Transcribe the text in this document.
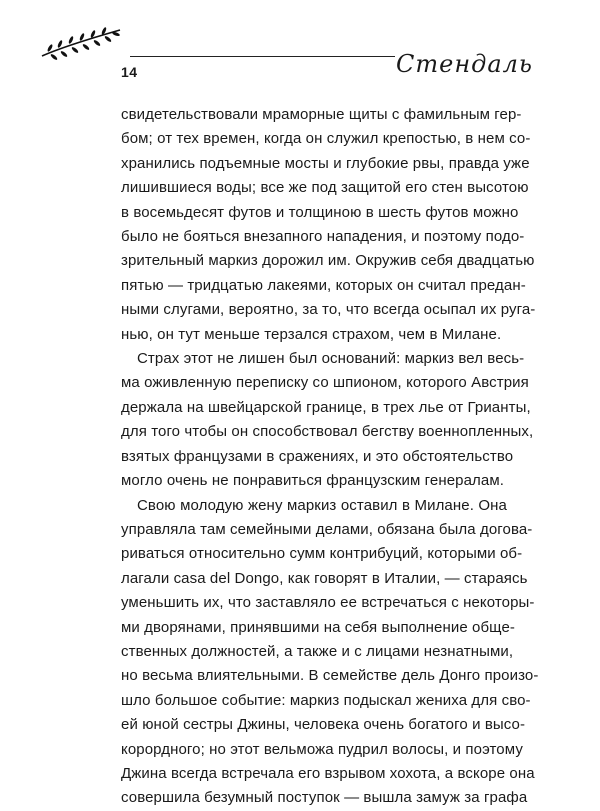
14	Стендаль
свидетельствовали мраморные щиты с фамильным гер-
бом; от тех времен, когда он служил крепостью, в нем со-
хранились подъемные мосты и глубокие рвы, правда уже
лишившиеся воды; все же под защитой его стен высотою
в восемьдесят футов и толщиною в шесть футов можно
было не бояться внезапного нападения, и поэтому подо-
зрительный маркиз дорожил им. Окружив себя двадцатью
пятью — тридцатью лакеями, которых он считал предан-
ными слугами, вероятно, за то, что всегда осыпал их руга-
нью, он тут меньше терзался страхом, чем в Милане.
Страх этот не лишен был оснований: маркиз вел весь-
ма оживленную переписку со шпионом, которого Австрия
держала на швейцарской границе, в трех лье от Грианты,
для того чтобы он способствовал бегству военнопленных,
взятых французами в сражениях, и это обстоятельство
могло очень не понравиться французским генералам.
Свою молодую жену маркиз оставил в Милане. Она
управляла там семейными делами, обязана была догова-
риваться относительно сумм контрибуций, которыми об-
лагали casa del Dongo, как говорят в Италии, — стараясь
уменьшить их, что заставляло ее встречаться с некоторы-
ми дворянами, принявшими на себя выполнение обще-
ственных должностей, а также и с лицами незнатными,
но весьма влиятельными. В семействе дель Донго произо-
шло большое событие: маркиз подыскал жениха для сво-
ей юной сестры Джины, человека очень богатого и высо-
корордного; но этот вельможа пудрил волосы, и поэтому
Джина всегда встречала его взрывом хохота, а вскоре она
совершила безумный поступок — вышла замуж за графа
